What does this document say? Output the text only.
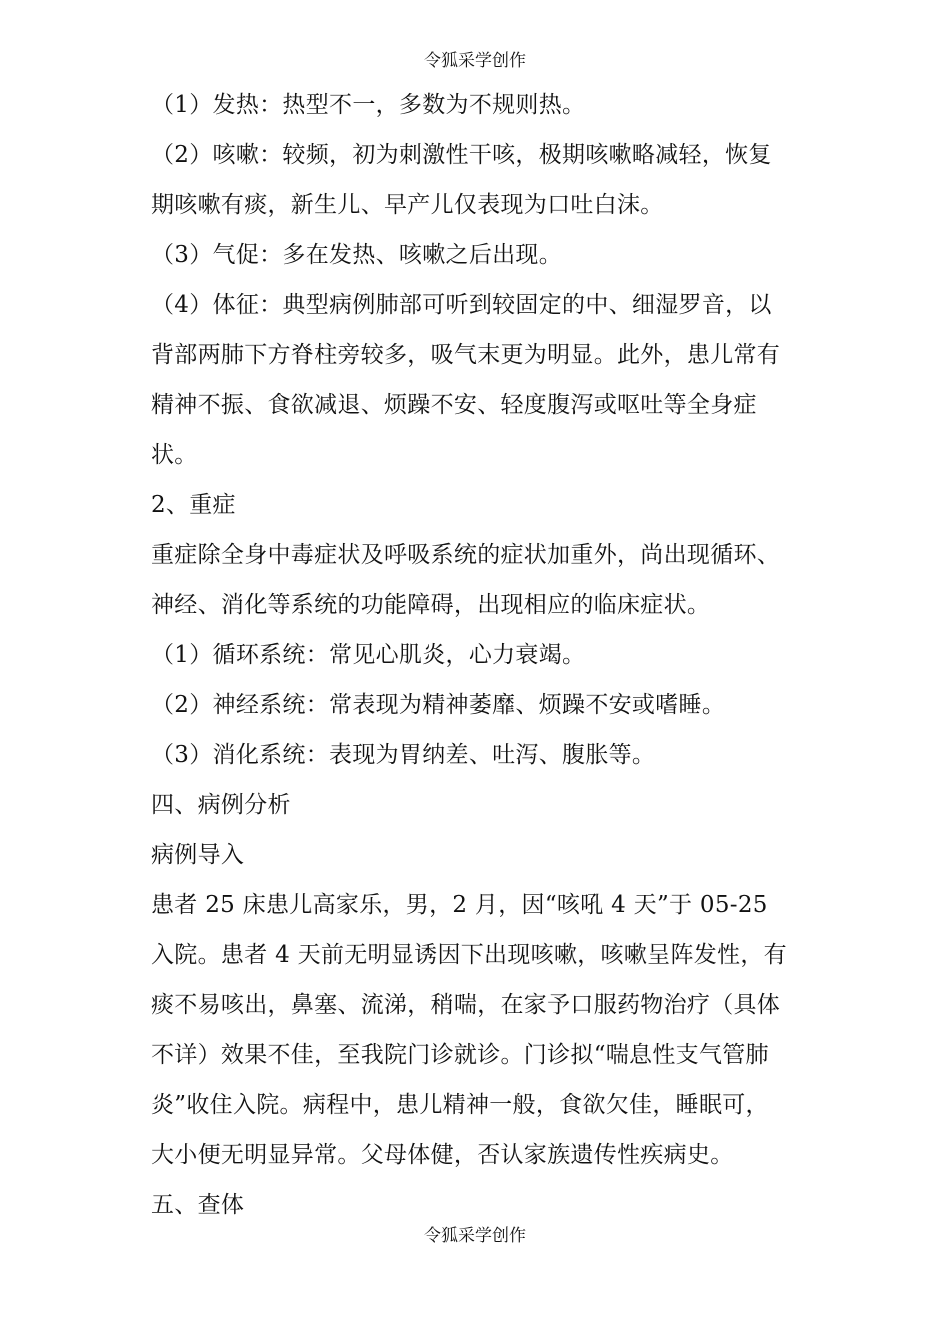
令狐采学创作
（1）发热：热型不一，多数为不规则热。
（2）咳嗽：较频，初为刺激性干咳，极期咳嗽略减轻，恢复
期咳嗽有痰，新生儿、早产儿仅表现为口吐白沫。
（3）气促：多在发热、咳嗽之后出现。
（4）体征：典型病例肺部可听到较固定的中、细湿罗音，以
背部两肺下方脊柱旁较多，吸气末更为明显。此外，患儿常有
精神不振、食欲减退、烦躁不安、轻度腹泻或呕吐等全身症
状。
2、重症
重症除全身中毒症状及呼吸系统的症状加重外，尚出现循环、
神经、消化等系统的功能障碍，出现相应的临床症状。
（1）循环系统：常见心肌炎，心力衰竭。
（2）神经系统：常表现为精神萎靡、烦躁不安或嗜睡。
（3）消化系统：表现为胃纳差、吐泻、腹胀等。
四、病例分析
病例导入
患者 25 床患儿高家乐，男，2 月，因“咳吼 4 天”于 05-25
入院。患者 4 天前无明显诱因下出现咳嗽，咳嗽呈阵发性，有
痰不易咳出，鼻塞、流涕，稍喘，在家予口服药物治疗（具体
不详）效果不佳，至我院门诊就诊。门诊拟“喘息性支气管肺
炎”收住入院。病程中，患儿精神一般，食欲欠佳，睡眠可，
大小便无明显异常。父母体健，否认家族遗传性疾病史。
五、查体
令狐采学创作
